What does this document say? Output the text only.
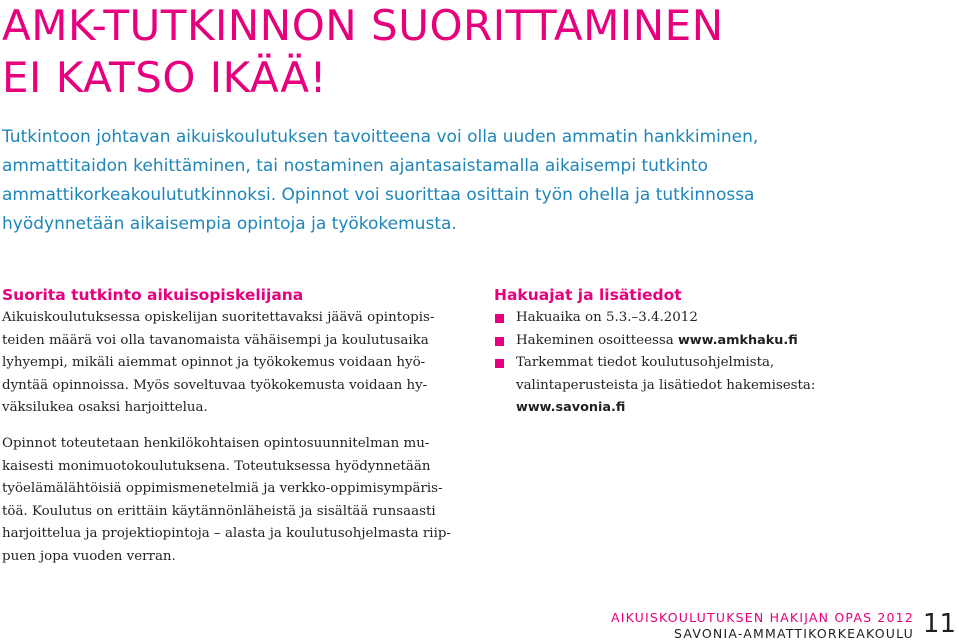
AMK-TUTKINNON SUORITTAMINEN
EI KATSO IKÄÄ!

Tutkintoon johtavan aikuiskoulutuksen tavoitteena voi olla uuden ammatin hankkiminen,
ammattitaidon kehittäminen, tai nostaminen ajantasaistamalla aikaisempi tutkinto
ammattikorkeakoulututkinnoksi. Opinnot voi suorittaa osittain työn ohella ja tutkinnossa
hyödynnetään aikaisempia opintoja ja työkokemusta.

Suorita tutkinto aikuisopiskelijana

Aikuiskoulutuksessa opiskelijan suoritettavaksi jäävä opintopis-
teiden määrä voi olla tavanomaista vähäisempi ja koulutusaika
lyhyempi, mikäli aiemmat opinnot ja työkokemus voidaan hyö-
dyntää opinnoissa. Myös soveltuvaa työkokemusta voidaan hy-
väksilukea osaksi harjoittelua.

Opinnot toteutetaan henkilökohtaisen opintosuunnitelman mu-
kaisesti monimuotokoulutuksena. Toteutuksessa hyödynnetään
työelämälähtöisiä oppimismenetelmiä ja verkko-oppimisympäris-
töä. Koulutus on erittäin käytännönläheistä ja sisältää runsaasti
harjoittelua ja projektiopintoja – alasta ja koulutusohjelmasta riip-
puen jopa vuoden verran.

Hakuajat ja lisätiedot
Hakuaika on 5.3.–3.4.2012
Hakeminen osoitteessa www.amkhaku.fi
Tarkemmat tiedot koulutusohjelmista,
valintaperusteista ja lisätiedot hakemisesta:
www.savonia.fi

AIKUISKOULUTUKSEN HAKIJAN OPAS 2012

SAVONIA-AMMATTIKORKEAKOULU 11
